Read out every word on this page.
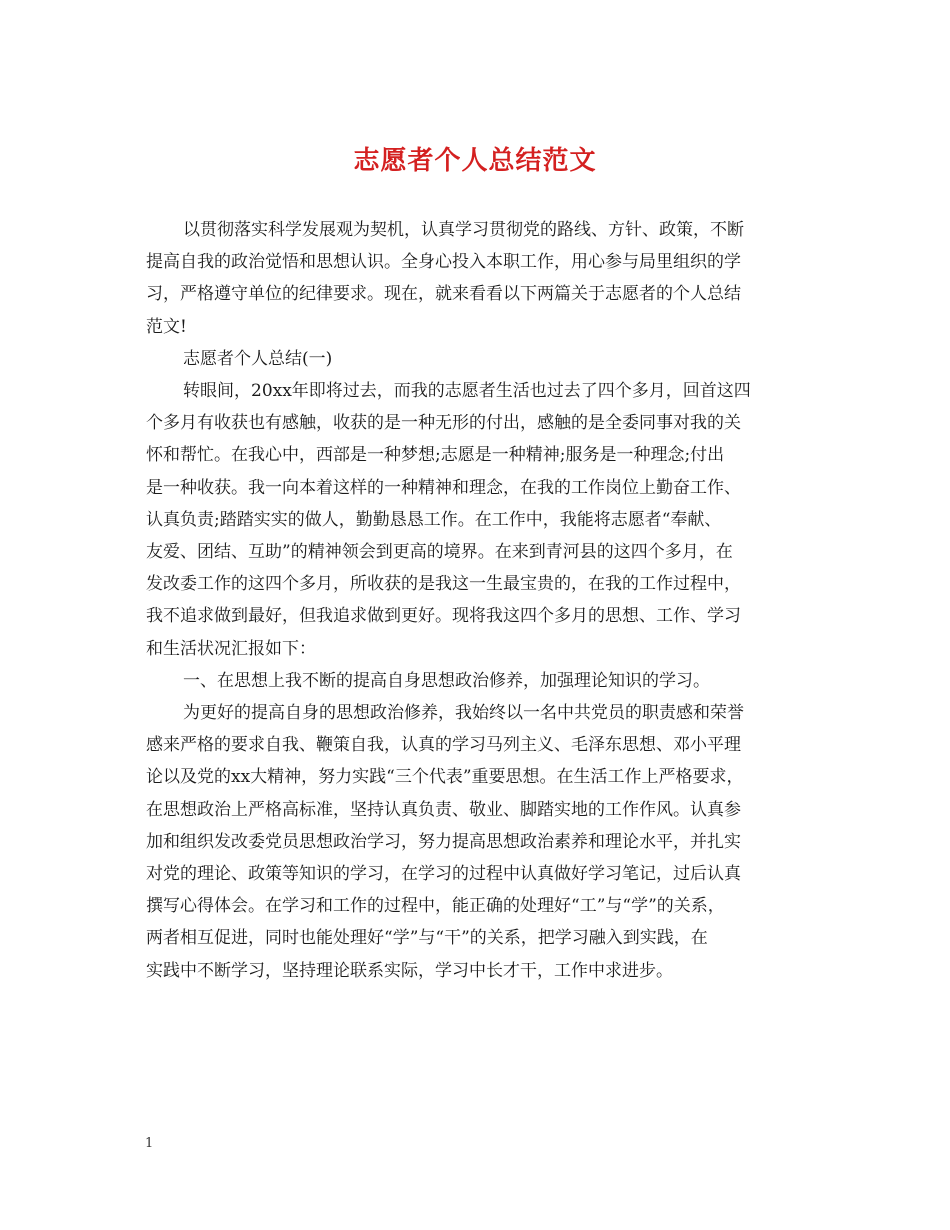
志愿者个人总结范文
以贯彻落实科学发展观为契机，认真学习贯彻党的路线、方针、政策，不断
提高自我的政治觉悟和思想认识。全身心投入本职工作，用心参与局里组织的学
习，严格遵守单位的纪律要求。现在，就来看看以下两篇关于志愿者的个人总结
范文!
志愿者个人总结(一)
转眼间，20xx年即将过去，而我的志愿者生活也过去了四个多月，回首这四
个多月有收获也有感触，收获的是一种无形的付出，感触的是全委同事对我的关
怀和帮忙。在我心中，西部是一种梦想;志愿是一种精神;服务是一种理念;付出
是一种收获。我一向本着这样的一种精神和理念，在我的工作岗位上勤奋工作、
认真负责;踏踏实实的做人，勤勤恳恳工作。在工作中，我能将志愿者“奉献、
友爱、团结、互助”的精神领会到更高的境界。在来到青河县的这四个多月，在
发改委工作的这四个多月，所收获的是我这一生最宝贵的，在我的工作过程中，
我不追求做到最好，但我追求做到更好。现将我这四个多月的思想、工作、学习
和生活状况汇报如下：
一、在思想上我不断的提高自身思想政治修养，加强理论知识的学习。
为更好的提高自身的思想政治修养，我始终以一名中共党员的职责感和荣誉
感来严格的要求自我、鞭策自我，认真的学习马列主义、毛泽东思想、邓小平理
论以及党的xx大精神，努力实践“三个代表”重要思想。在生活工作上严格要求，
在思想政治上严格高标准，坚持认真负责、敬业、脚踏实地的工作作风。认真参
加和组织发改委党员思想政治学习，努力提高思想政治素养和理论水平，并扎实
对党的理论、政策等知识的学习，在学习的过程中认真做好学习笔记，过后认真
撰写心得体会。在学习和工作的过程中，能正确的处理好“工”与“学”的关系，
两者相互促进，同时也能处理好“学”与“干”的关系，把学习融入到实践，在
实践中不断学习，坚持理论联系实际，学习中长才干，工作中求进步。
1
